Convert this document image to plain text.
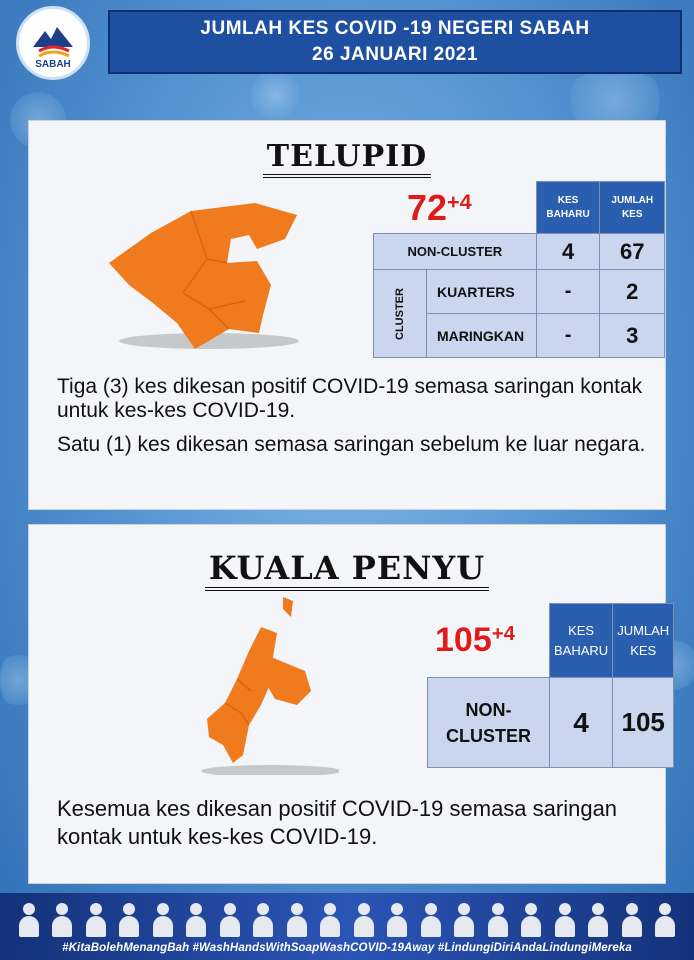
SABAH
JUMLAH KES COVID -19 NEGERI SABAH
26 JANUARI 2021
TELUPID
$72^{+4}$
		KES BAHARU	JUMLAH KES
NON-CLUSTER		4	67

CLUSTER	KUARTERS	-	2
	MARINGKAN	-	3
Tiga (3) kes dikesan positif COVID-19 semasa saringan kontak untuk kes-kes COVID-19.
Satu (1) kes dikesan semasa saringan sebelum ke luar negara.
KUALA PENYU
$105^{+4}$
		KES BAHARU	JUMLAH KES
NON-CLUSTER	4	105
Kesemua kes dikesan positif COVID-19 semasa saringan kontak untuk kes-kes COVID-19.
#KitaBolehMenangBah #WashHandsWithSoapWashCOVID-19Away #LindungiDiriAndaLindungiMereka
